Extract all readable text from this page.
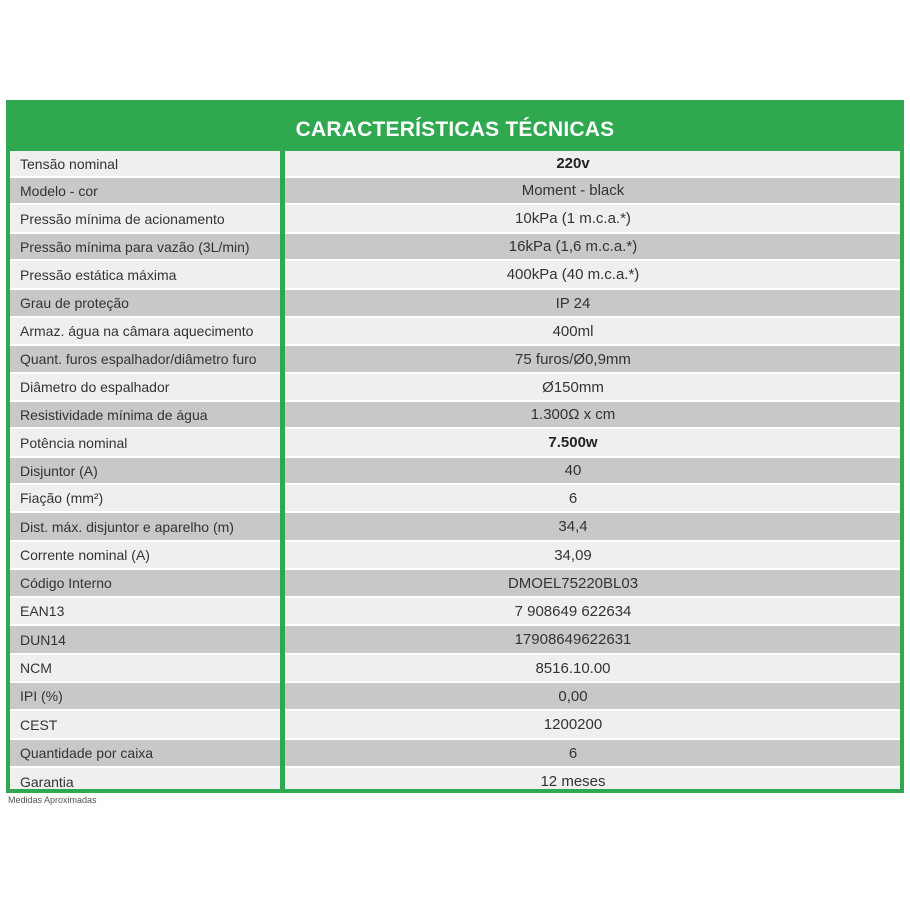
CARACTERÍSTICAS TÉCNICAS
Tensão nominal	220v
Modelo - cor	Moment - black
Pressão mínima de acionamento	10kPa (1 m.c.a.*)
Pressão mínima para vazão (3L/min)	16kPa (1,6 m.c.a.*)
Pressão estática máxima	400kPa (40 m.c.a.*)
Grau de proteção	IP 24
Armaz. água na câmara aquecimento	400ml
Quant. furos espalhador/diâmetro furo	75 furos/Ø0,9mm
Diâmetro do espalhador	Ø150mm
Resistividade mínima de água	1.300Ω x cm
Potência nominal	7.500w
Disjuntor (A)	40
Fiação (mm²)	6
Dist. máx. disjuntor e aparelho (m)	34,4
Corrente nominal (A)	34,09
Código Interno	DMOEL75220BL03
EAN13	7 908649 622634
DUN14	17908649622631
NCM	8516.10.00
IPI (%)	0,00
CEST	1200200
Quantidade por caixa	6
Garantia	12 meses
Medidas Aproximadas
